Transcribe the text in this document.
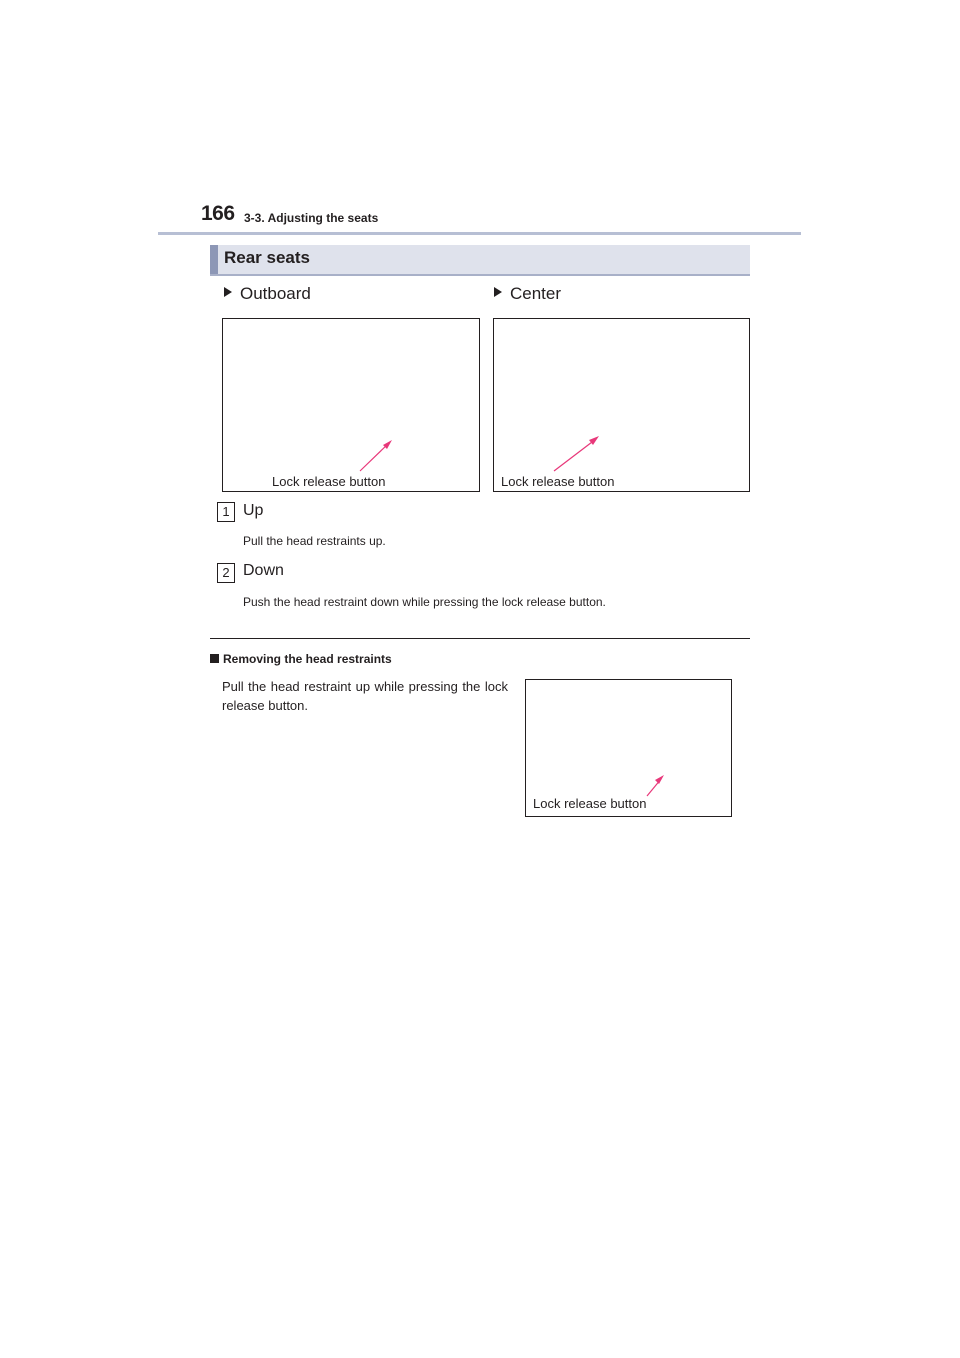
166 3-3. Adjusting the seats
Rear seats
Outboard	Center
Lock release button	Lock release button
1 Up
Pull the head restraints up.
2 Down
Push the head restraint down while pressing the lock release button.
Removing the head restraints
Pull the head restraint up while pressing the lock release button.
Lock release button
